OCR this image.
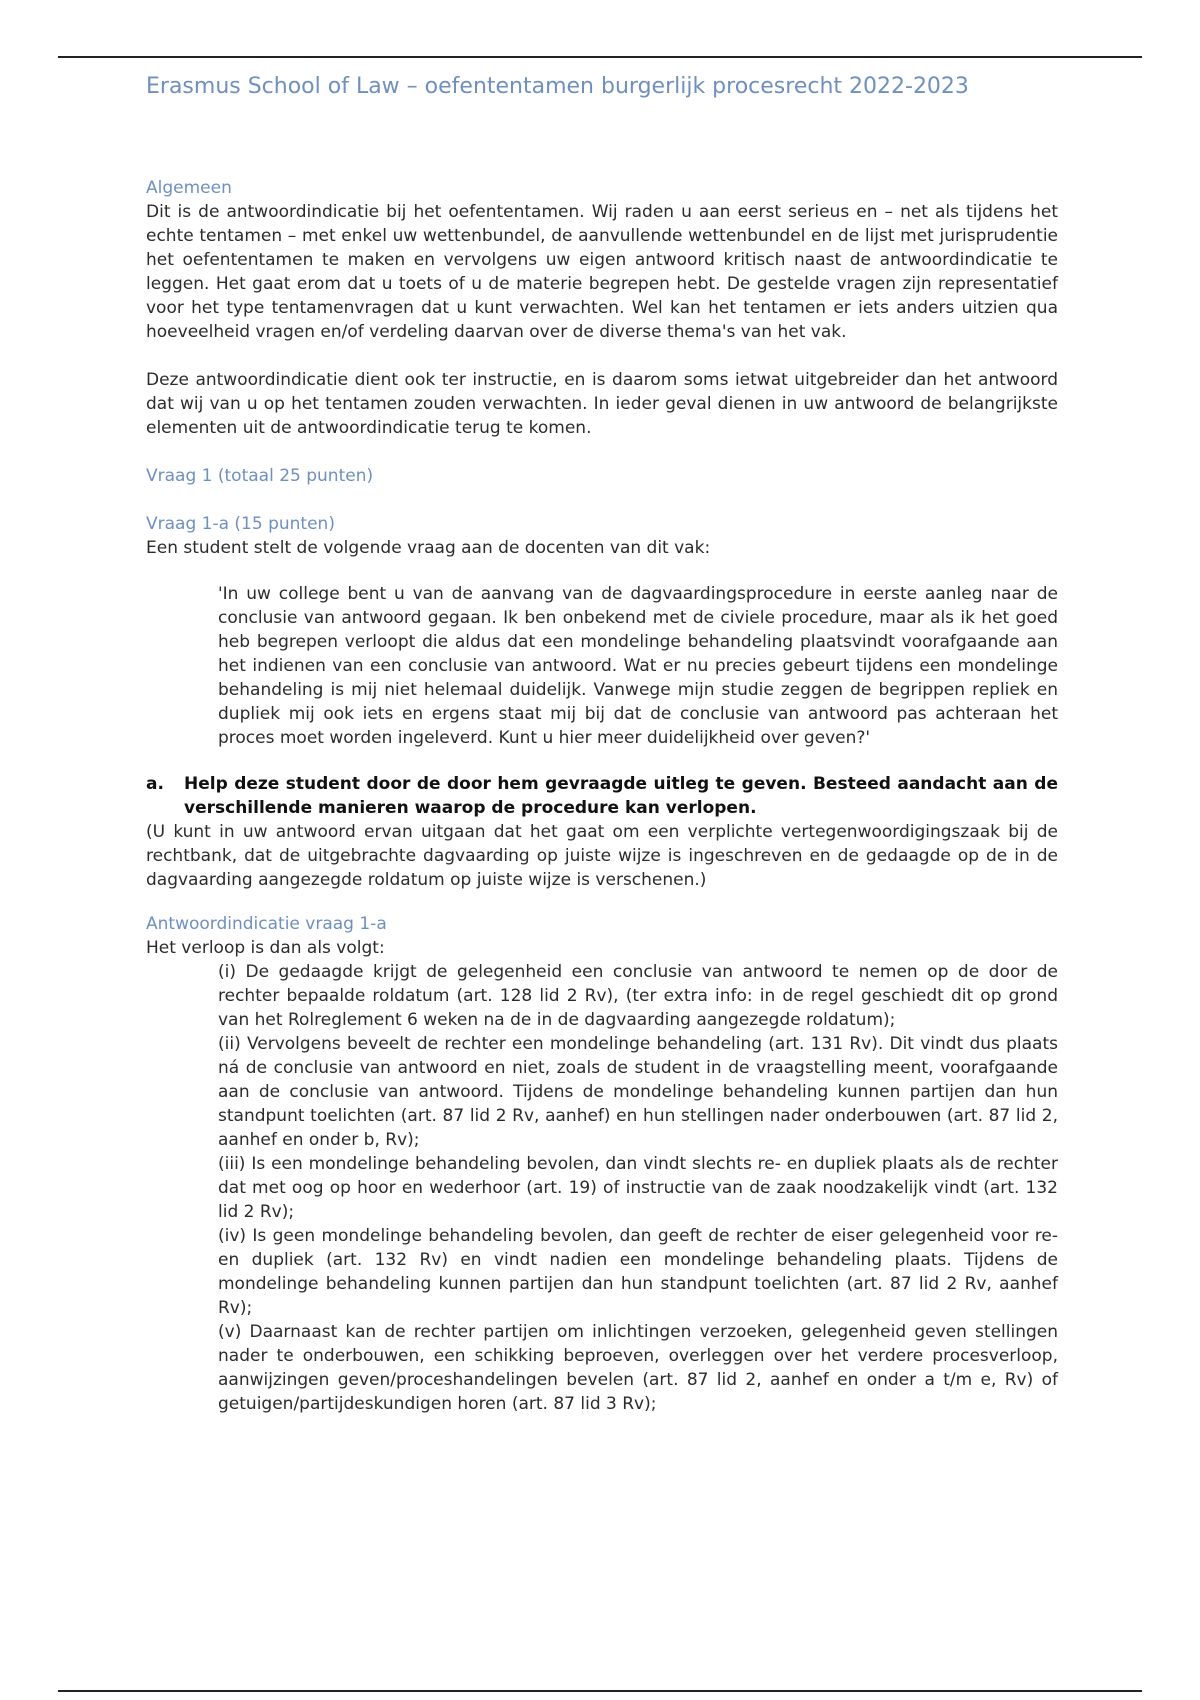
Erasmus School of Law – oefententamen burgerlijk procesrecht 2022-2023

Algemeen

Dit is de antwoordindicatie bij het oefententamen. Wij raden u aan eerst serieus en – net als tijdens het echte tentamen – met enkel uw wettenbundel, de aanvullende wettenbundel en de lijst met jurisprudentie het oefententamen te maken en vervolgens uw eigen antwoord kritisch naast de antwoordindicatie te leggen. Het gaat erom dat u toets of u de materie begrepen hebt. De gestelde vragen zijn representatief voor het type tentamenvragen dat u kunt verwachten. Wel kan het tentamen er iets anders uitzien qua hoeveelheid vragen en/of verdeling daarvan over de diverse thema's van het vak.

Deze antwoordindicatie dient ook ter instructie, en is daarom soms ietwat uitgebreider dan het antwoord dat wij van u op het tentamen zouden verwachten. In ieder geval dienen in uw antwoord de belangrijkste elementen uit de antwoordindicatie terug te komen.

Vraag 1 (totaal 25 punten)

Vraag 1-a (15 punten)

Een student stelt de volgende vraag aan de docenten van dit vak:

'In uw college bent u van de aanvang van de dagvaardingsprocedure in eerste aanleg naar de conclusie van antwoord gegaan. Ik ben onbekend met de civiele procedure, maar als ik het goed heb begrepen verloopt die aldus dat een mondelinge behandeling plaatsvindt voorafgaande aan het indienen van een conclusie van antwoord. Wat er nu precies gebeurt tijdens een mondelinge behandeling is mij niet helemaal duidelijk. Vanwege mijn studie zeggen de begrippen repliek en dupliek mij ook iets en ergens staat mij bij dat de conclusie van antwoord pas achteraan het proces moet worden ingeleverd. Kunt u hier meer duidelijkheid over geven?'

a.	Help deze student door de door hem gevraagde uitleg te geven. Besteed aandacht aan de verschillende manieren waarop de procedure kan verlopen.

(U kunt in uw antwoord ervan uitgaan dat het gaat om een verplichte vertegenwoordigingszaak bij de rechtbank, dat de uitgebrachte dagvaarding op juiste wijze is ingeschreven en de gedaagde op de in de dagvaarding aangezegde roldatum op juiste wijze is verschenen.)

Antwoordindicatie vraag 1-a

Het verloop is dan als volgt:

(i) De gedaagde krijgt de gelegenheid een conclusie van antwoord te nemen op de door de rechter bepaalde roldatum (art. 128 lid 2 Rv), (ter extra info: in de regel geschiedt dit op grond van het Rolreglement 6 weken na de in de dagvaarding aangezegde roldatum);
(ii) Vervolgens beveelt de rechter een mondelinge behandeling (art. 131 Rv). Dit vindt dus plaats ná de conclusie van antwoord en niet, zoals de student in de vraagstelling meent, voorafgaande aan de conclusie van antwoord. Tijdens de mondelinge behandeling kunnen partijen dan hun standpunt toelichten (art. 87 lid 2 Rv, aanhef) en hun stellingen nader onderbouwen (art. 87 lid 2, aanhef en onder b, Rv);
(iii) Is een mondelinge behandeling bevolen, dan vindt slechts re- en dupliek plaats als de rechter dat met oog op hoor en wederhoor (art. 19) of instructie van de zaak noodzakelijk vindt (art. 132 lid 2 Rv);
(iv) Is geen mondelinge behandeling bevolen, dan geeft de rechter de eiser gelegenheid voor re- en dupliek (art. 132 Rv) en vindt nadien een mondelinge behandeling plaats. Tijdens de mondelinge behandeling kunnen partijen dan hun standpunt toelichten (art. 87 lid 2 Rv, aanhef Rv);
(v) Daarnaast kan de rechter partijen om inlichtingen verzoeken, gelegenheid geven stellingen nader te onderbouwen, een schikking beproeven, overleggen over het verdere procesverloop, aanwijzingen geven/proceshandelingen bevelen (art. 87 lid 2, aanhef en onder a t/m e, Rv) of getuigen/partijdeskundigen horen (art. 87 lid 3 Rv);
